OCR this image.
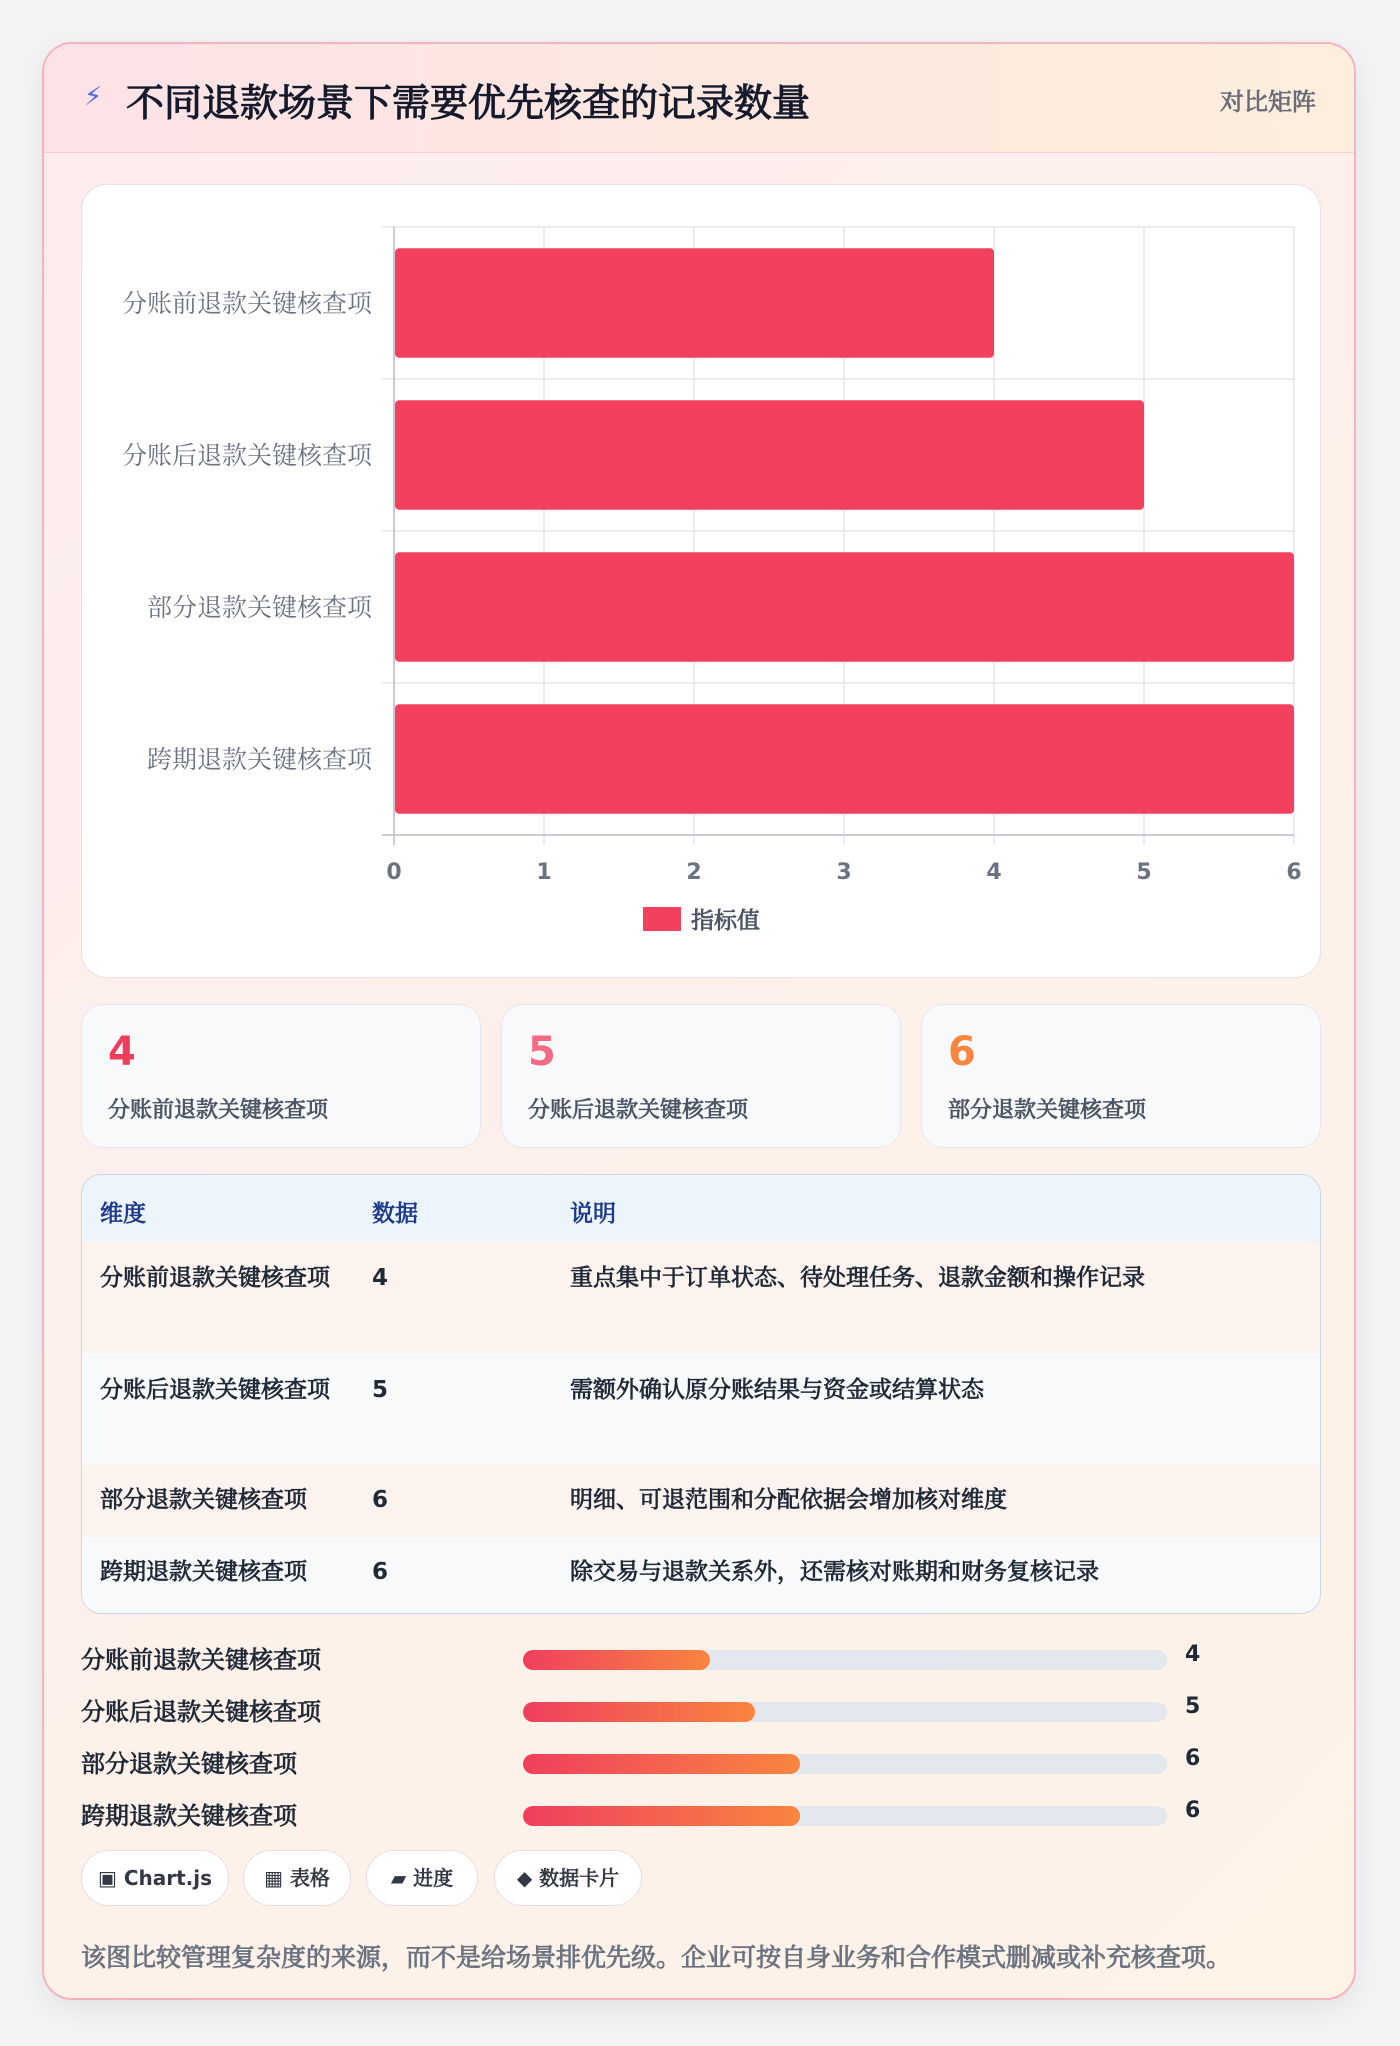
⚡ 不同退款场景下需要优先核查的记录数量	对比矩阵
分账前退款关键核查项
分账后退款关键核查项
部分退款关键核查项
跨期退款关键核查项
0	1	2	3	4	5	6
指标值
4
分账前退款关键核查项
5
分账后退款关键核查项
6
部分退款关键核查项
维度	数据	说明
分账前退款关键核查项	4	重点集中于订单状态、待处理任务、退款金额和操作记录
分账后退款关键核查项	5	需额外确认原分账结果与资金或结算状态
部分退款关键核查项	6	明细、可退范围和分配依据会增加核对维度
跨期退款关键核查项	6	除交易与退款关系外，还需核对账期和财务复核记录
分账前退款关键核查项	4
分账后退款关键核查项	5
部分退款关键核查项	6
跨期退款关键核查项	6
▣ Chart.js	▦ 表格	▰ 进度	◆ 数据卡片
该图比较管理复杂度的来源，而不是给场景排优先级。企业可按自身业务和合作模式删减或补充核查项。
